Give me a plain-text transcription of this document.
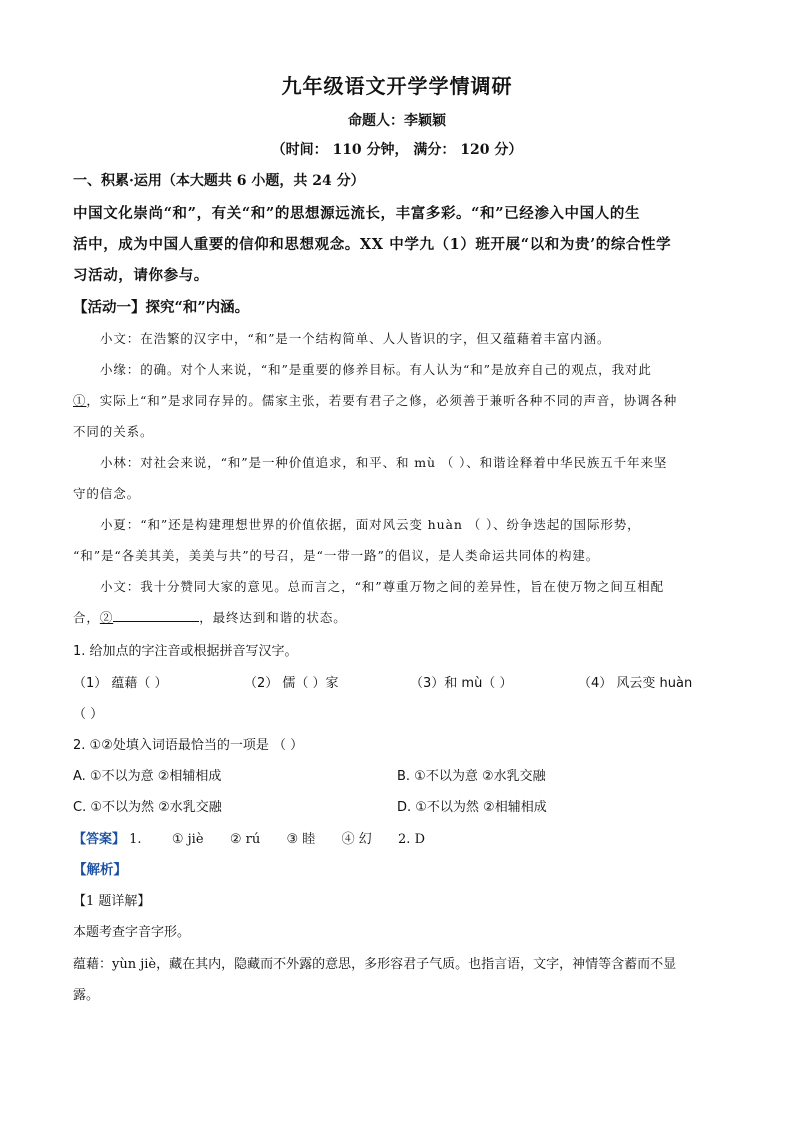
九年级语文开学学情调研
命题人：李颖颖
（时间： 110 分钟， 满分： 120 分）
一、积累·运用（本大题共 6 小题，共 24 分）
中国文化崇尚“和”，有关“和”的思想源远流长，丰富多彩。“和”已经渗入中国人的生
活中，成为中国人重要的信仰和思想观念。XX 中学九（1）班开展“以和为贵’的综合性学
习活动，请你参与。
【活动一】探究“和”内涵。
小文：在浩繁的汉字中，“和”是一个结构简单、人人皆识的字，但又蕴藉着丰富内涵。
小缘：的确。对个人来说，“和”是重要的修养目标。有人认为“和”是放弃自己的观点，我对此
①，实际上“和”是求同存异的。儒家主张，若要有君子之修，必须善于兼听各种不同的声音，协调各种
不同的关系。
小林：对社会来说，“和”是一种价值追求，和平、和 mù （ ）、和谐诠释着中华民族五千年来坚
守的信念。
小夏：“和”还是构建理想世界的价值依据，面对风云变 huàn （ ）、纷争迭起的国际形势，
“和”是“各美其美，美美与共”的号召，是“一带一路”的倡议，是人类命运共同体的构建。
小文：我十分赞同大家的意见。总而言之，“和”尊重万物之间的差异性，旨在使万物之间互相配
合，②	，最终达到和谐的状态。
1. 给加点的字注音或根据拼音写汉字。
（1） 蕴藉（ ）	（2） 儒（ ）家	（3）和 mù（ ）	（4） 风云变 huàn
（ ）
2. ①②处填入词语最恰当的一项是 （ ）
A. ①不以为意 ②相辅相成	B. ①不以为意 ②水乳交融
C. ①不以为然 ②水乳交融	D. ①不以为然 ②相辅相成
【答案】 1. ① jiè ② rú ③ 睦 ④ 幻 2. D
【解析】
【1 题详解】
本题考查字音字形。
蕴藉：yùn jiè，藏在其内，隐藏而不外露的意思，多形容君子气质。也指言语，文字，神情等含蓄而不显
露。
